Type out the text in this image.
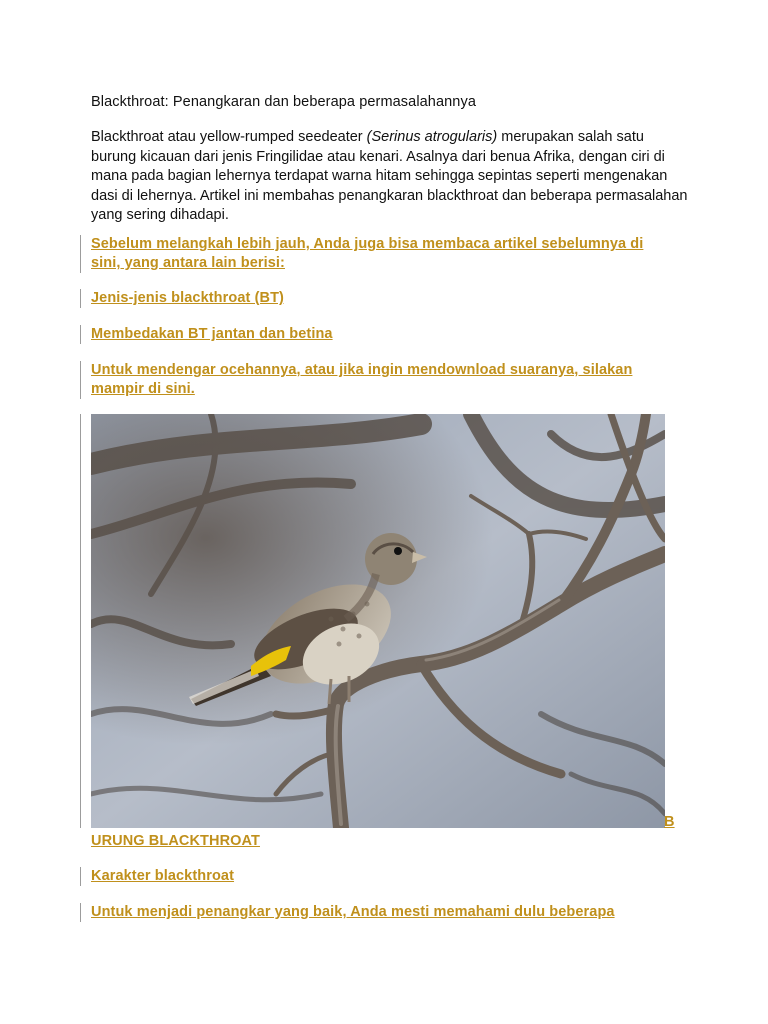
Blackthroat: Penangkaran dan beberapa permasalahannya
Blackthroat atau yellow-rumped seedeater (Serinus atrogularis) merupakan salah satu burung kicauan dari jenis Fringilidae atau kenari. Asalnya dari benua Afrika, dengan ciri di mana pada bagian lehernya terdapat warna hitam sehingga sepintas seperti mengenakan dasi di lehernya. Artikel ini membahas penangkaran blackthroat dan beberapa permasalahan yang sering dihadapi.
Sebelum melangkah lebih jauh, Anda juga bisa membaca artikel sebelumnya di
sini, yang antara lain berisi:
Jenis-jenis blackthroat (BT)
Membedakan BT jantan dan betina
Untuk mendengar ocehannya, atau jika ingin mendownload suaranya, silakan
mampir di sini.
B
URUNG BLACKTHROAT
Karakter blackthroat
Untuk menjadi penangkar yang baik, Anda mesti memahami dulu beberapa
